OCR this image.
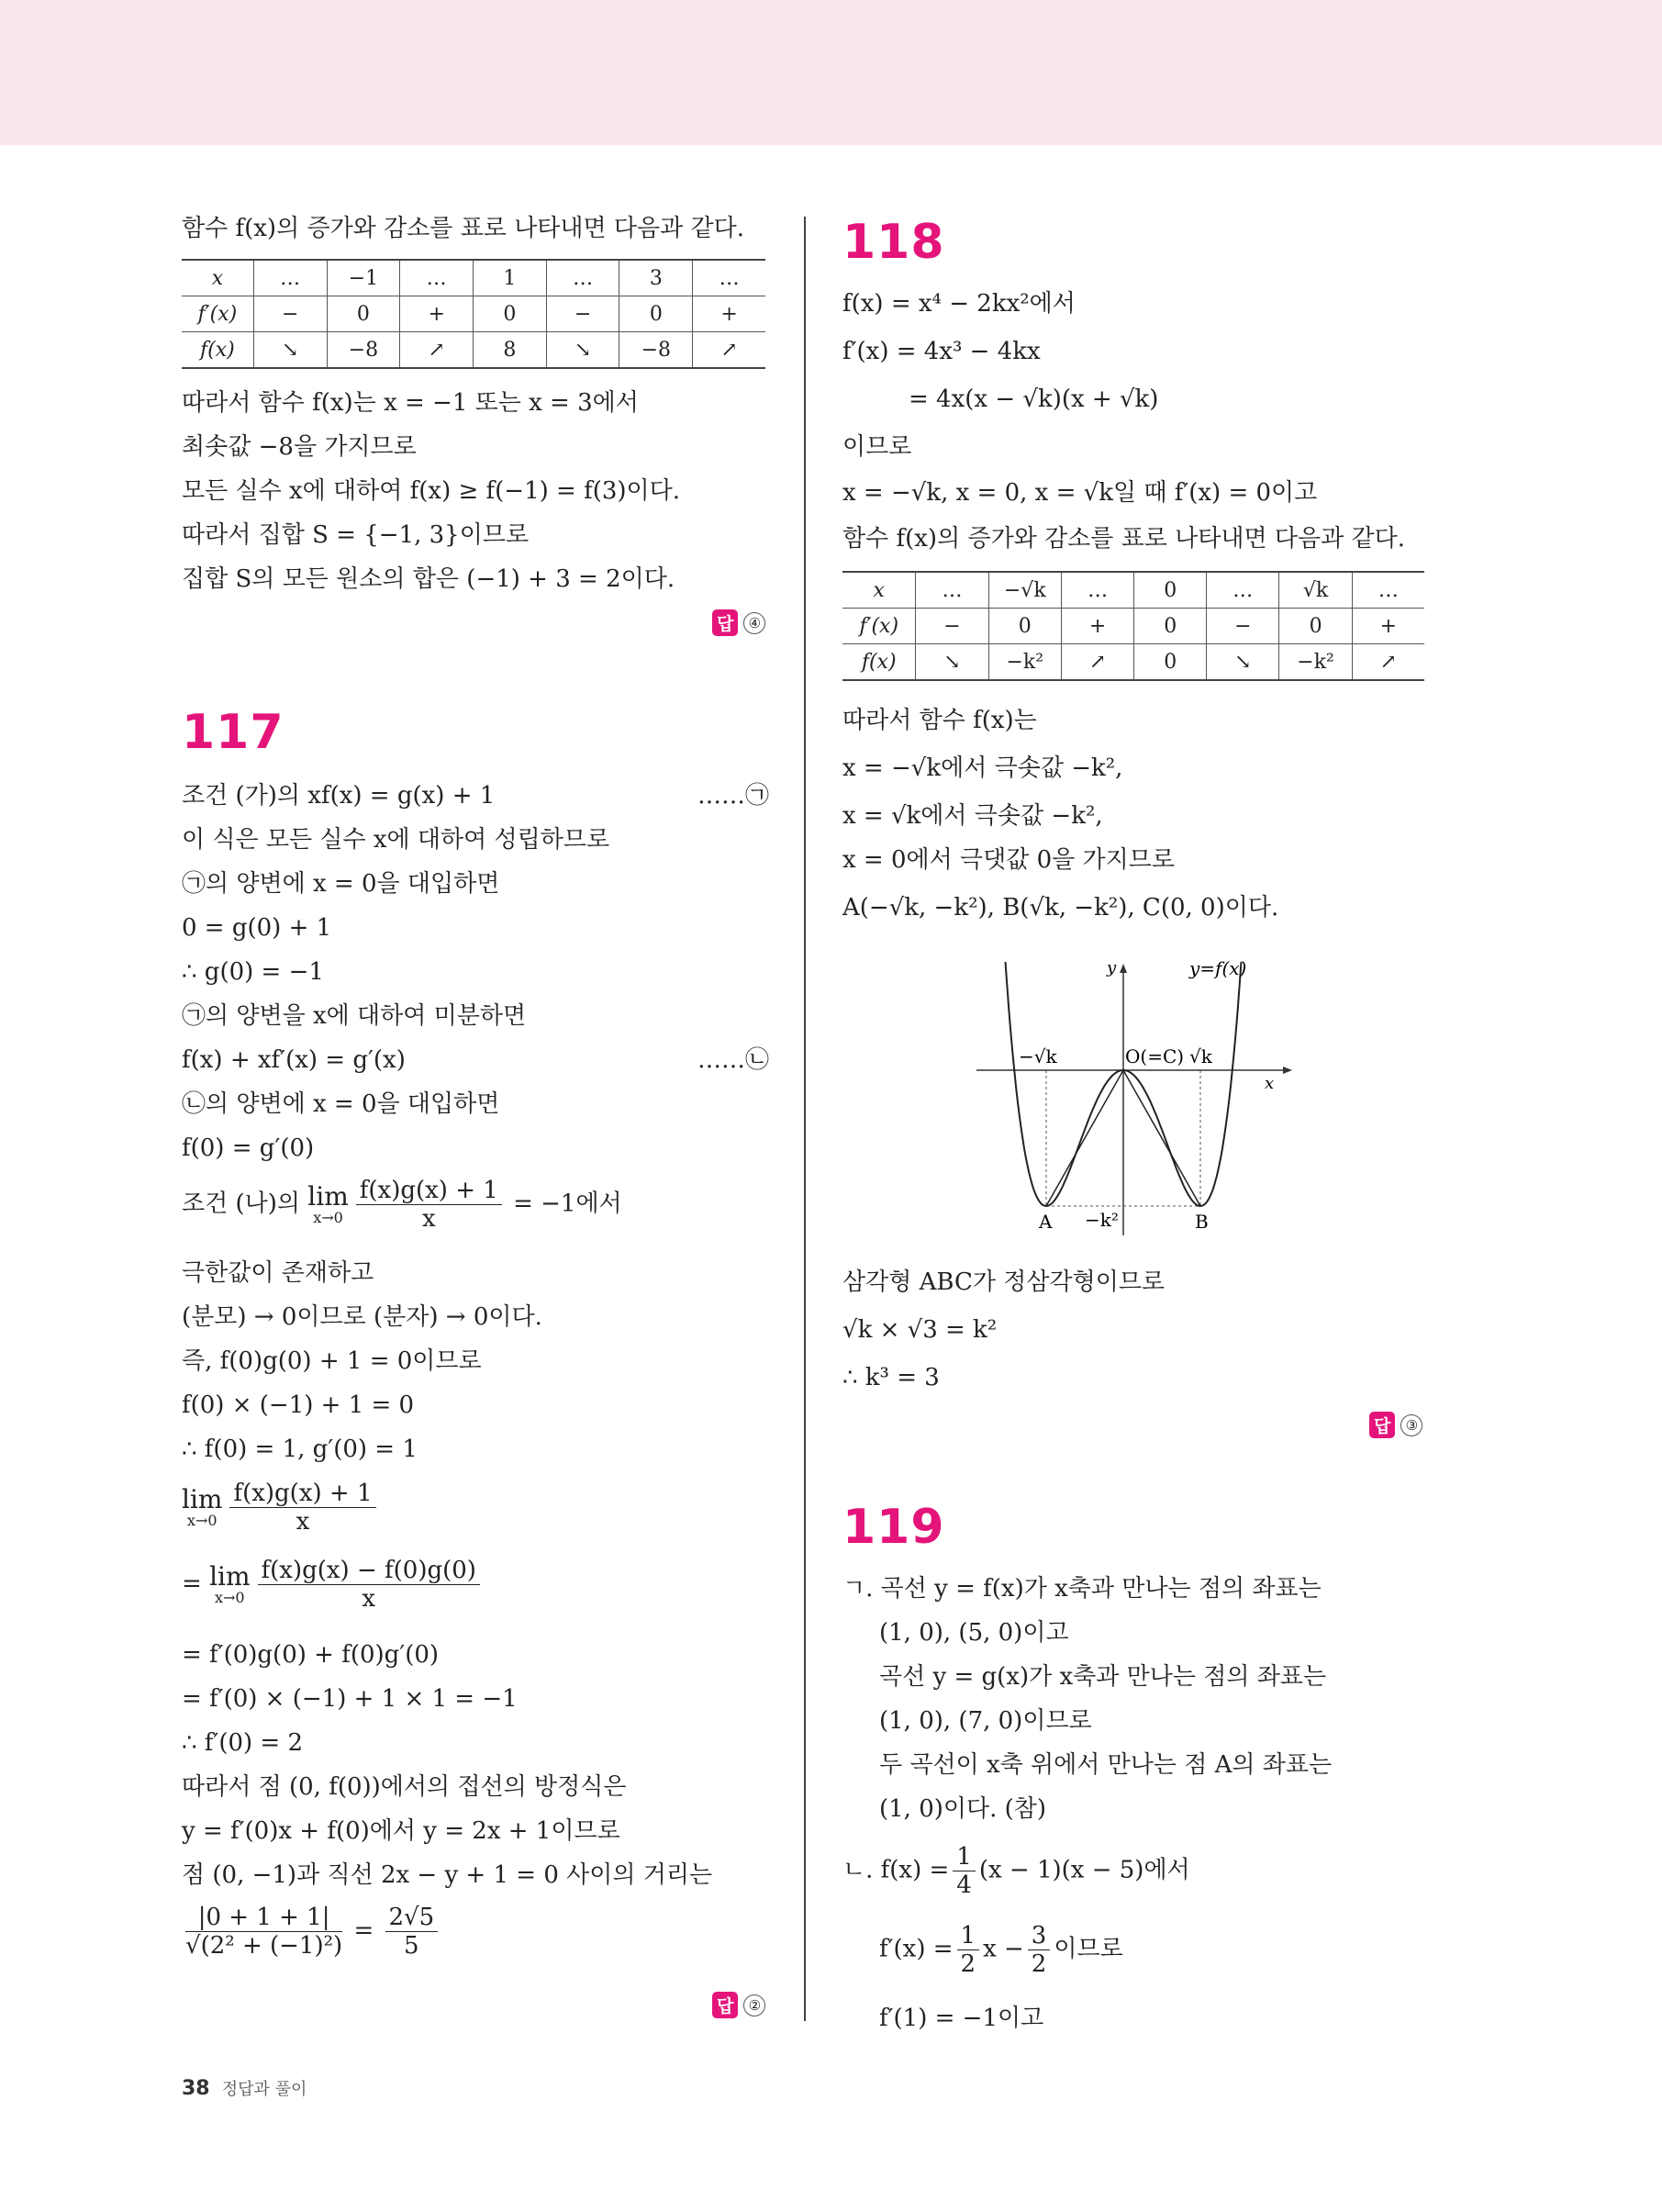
함수 f(x)의 증가와 감소를 표로 나타내면 다음과 같다.
x	…	−1	…	1	…	3	…
f′(x)	−	0	+	0	−	0	+
f(x)	↘	−8	↗	8	↘	−8	↗
따라서 함수 f(x)는 x = −1 또는 x = 3에서
최솟값 −8을 가지므로
모든 실수 x에 대하여 f(x) ≥ f(−1) = f(3)이다.
따라서 집합 S = {−1, 3}이므로
집합 S의 모든 원소의 합은 (−1) + 3 = 2이다.
답	④
117
조건 (가)의 xf(x) = g(x) + 1	……㉠
이 식은 모든 실수 x에 대하여 성립하므로
㉠의 양변에 x = 0을 대입하면
0 = g(0) + 1
∴ g(0) = −1
㉠의 양변을 x에 대하여 미분하면
f(x) + xf′(x) = g′(x)	……㉡
㉡의 양변에 x = 0을 대입하면
f(0) = g′(0)
조건 (나)의 lim
$x\to 0 \frac{f(x)g(x) + 1}{x} = -1$에서
극한값이 존재하고
(분모) → 0이므로 (분자) → 0이다.
즉, f(0)g(0) + 1 = 0이므로
f(0) × (−1) + 1 = 0
∴ f(0) = 1, g′(0) = 1
lim
$x\to 0 \frac{f(x)g(x) + 1}{x}$
= lim
$x\to 0 \frac{f(x)g(x) - f(0)g(0)}{x}$
= f′(0)g(0) + f(0)g′(0)
= f′(0) × (−1) + 1 × 1 = −1
∴ f′(0) = 2
따라서 점 (0, f(0))에서의 접선의 방정식은
y = f′(0)x + f(0)에서 y = 2x + 1이므로
점 (0, −1)과 직선 2x − y + 1 = 0 사이의 거리는
$\frac{|0 + 1 + 1|}{\text{√(2² + (−1)²)}} = \frac{2√5}{5}$
답	②
118
f(x) = x⁴ − 2kx²에서
f′(x) = 4x³ − 4kx
= 4x(x − √k)(x + √k)
이므로
x = −√k, x = 0, x = √k일 때 f′(x) = 0이고
함수 f(x)의 증가와 감소를 표로 나타내면 다음과 같다.
x	…	−√k	…	0	…	√k	…
f′(x)	−	0	+	0	−	0	+
f(x)	↘	−k²	↗	0	↘	−k²	↗
따라서 함수 f(x)는
x = −√k에서 극솟값 −k²,
x = √k에서 극솟값 −k²,
x = 0에서 극댓값 0을 가지므로
A(−√k, −k²), B(√k, −k²), C(0, 0)이다.
삼각형 ABC가 정삼각형이므로
√k × √3 = k²
∴ k³ = 3
답	③
119
ㄱ. 곡선 y = f(x)가 x축과 만나는 점의 좌표는
(1, 0), (5, 0)이고
곡선 y = g(x)가 x축과 만나는 점의 좌표는
(1, 0), (7, 0)이므로
두 곡선이 x축 위에서 만나는 점 A의 좌표는
(1, 0)이다. (참)
ㄴ. $f(x) = \frac{1}{4} (x - 1)(x - 5)$에서
$f'(x) = \frac{1}{2}$ $x - \frac{3}{2}$ 이므로
f′(1) = −1이고
y=f(x)
y
x
−√k	O(=C) √k
A	B
−k²
38 정답과 풀이
